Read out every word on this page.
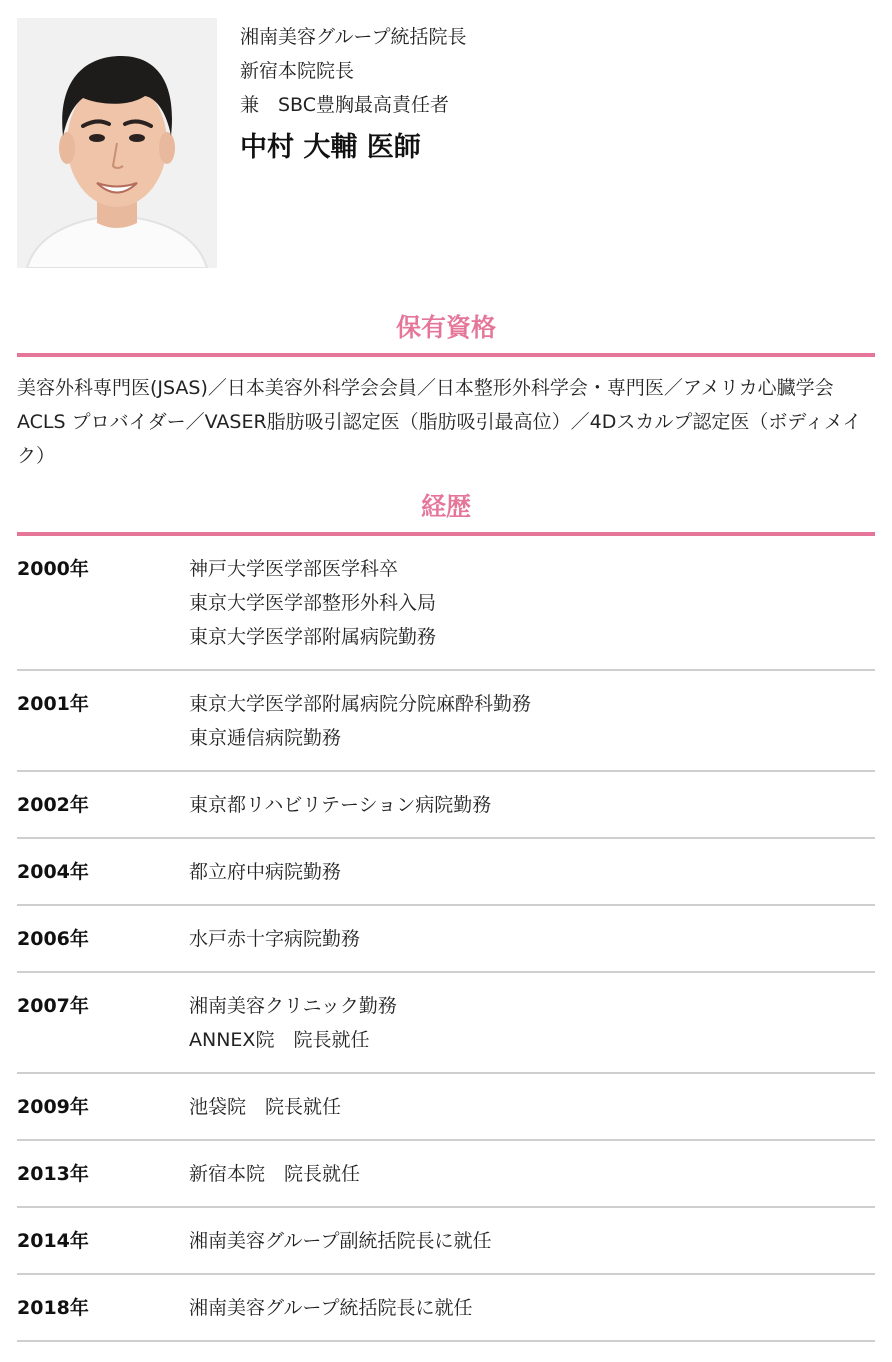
湘南美容グループ統括院長
新宿本院院長
兼　SBC豊胸最高責任者
中村 大輔 医師
保有資格
美容外科専門医(JSAS)／日本美容外科学会会員／日本整形外科学会・専門医／アメリカ心臓学会ACLS プロバイダー／VASER脂肪吸引認定医（脂肪吸引最高位）／4Dスカルプ認定医（ボディメイク）
経歴
2000年	神戸大学医学部医学科卒
東京大学医学部整形外科入局
東京大学医学部附属病院勤務
2001年	東京大学医学部附属病院分院麻酔科勤務
東京逓信病院勤務
2002年	東京都リハビリテーション病院勤務
2004年	都立府中病院勤務
2006年	水戸赤十字病院勤務
2007年	湘南美容クリニック勤務
ANNEX院　院長就任
2009年	池袋院　院長就任
2013年	新宿本院　院長就任
2014年	湘南美容グループ副統括院長に就任
2018年	湘南美容グループ統括院長に就任
